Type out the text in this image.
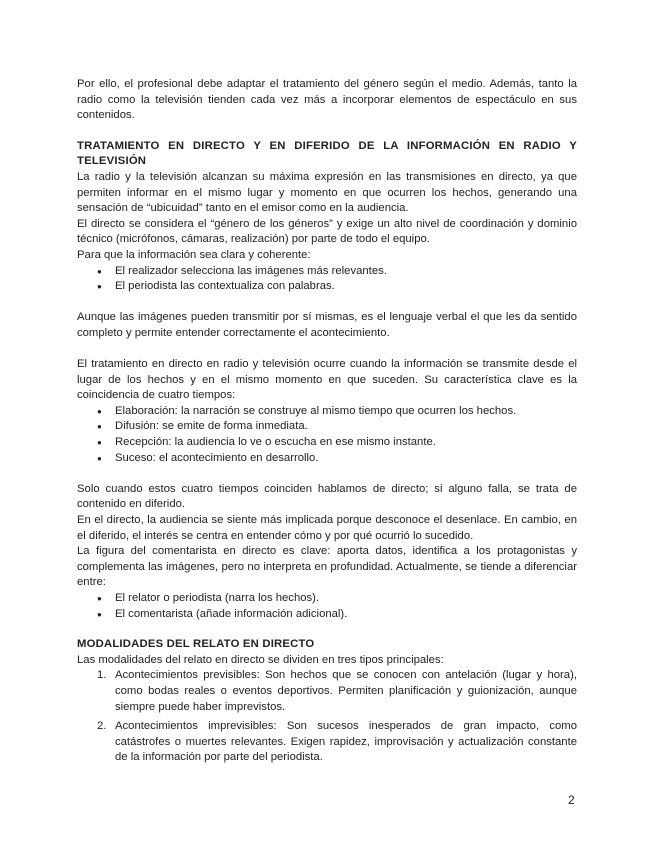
Por ello, el profesional debe adaptar el tratamiento del género según el medio. Además, tanto la radio como la televisión tienden cada vez más a incorporar elementos de espectáculo en sus contenidos.

TRATAMIENTO EN DIRECTO Y EN DIFERIDO DE LA INFORMACIÓN EN RADIO Y TELEVISIÓN

La radio y la televisión alcanzan su máxima expresión en las transmisiones en directo, ya que permiten informar en el mismo lugar y momento en que ocurren los hechos, generando una sensación de “ubicuidad” tanto en el emisor como en la audiencia.

El directo se considera el “género de los géneros” y exige un alto nivel de coordinación y dominio técnico (micrófonos, cámaras, realización) por parte de todo el equipo.

Para que la información sea clara y coherente:

● El realizador selecciona las imágenes más relevantes.
● El periodista las contextualiza con palabras.

Aunque las imágenes pueden transmitir por sí mismas, es el lenguaje verbal el que les da sentido completo y permite entender correctamente el acontecimiento.

El tratamiento en directo en radio y televisión ocurre cuando la información se transmite desde el lugar de los hechos y en el mismo momento en que suceden. Su característica clave es la coincidencia de cuatro tiempos:

● Elaboración: la narración se construye al mismo tiempo que ocurren los hechos.
● Difusión: se emite de forma inmediata.
● Recepción: la audiencia lo ve o escucha en ese mismo instante.
● Suceso: el acontecimiento en desarrollo.

Solo cuando estos cuatro tiempos coinciden hablamos de directo; si alguno falla, se trata de contenido en diferido.

En el directo, la audiencia se siente más implicada porque desconoce el desenlace. En cambio, en el diferido, el interés se centra en entender cómo y por qué ocurrió lo sucedido.

La figura del comentarista en directo es clave: aporta datos, identifica a los protagonistas y complementa las imágenes, pero no interpreta en profundidad. Actualmente, se tiende a diferenciar entre:

● El relator o periodista (narra los hechos).
● El comentarista (añade información adicional).

MODALIDADES DEL RELATO EN DIRECTO

Las modalidades del relato en directo se dividen en tres tipos principales:

1. Acontecimientos previsibles: Son hechos que se conocen con antelación (lugar y hora), como bodas reales o eventos deportivos. Permiten planificación y guionización, aunque siempre puede haber imprevistos.
2. Acontecimientos imprevisibles: Son sucesos inesperados de gran impacto, como catástrofes o muertes relevantes. Exigen rapidez, improvisación y actualización constante de la información por parte del periodista.
2
